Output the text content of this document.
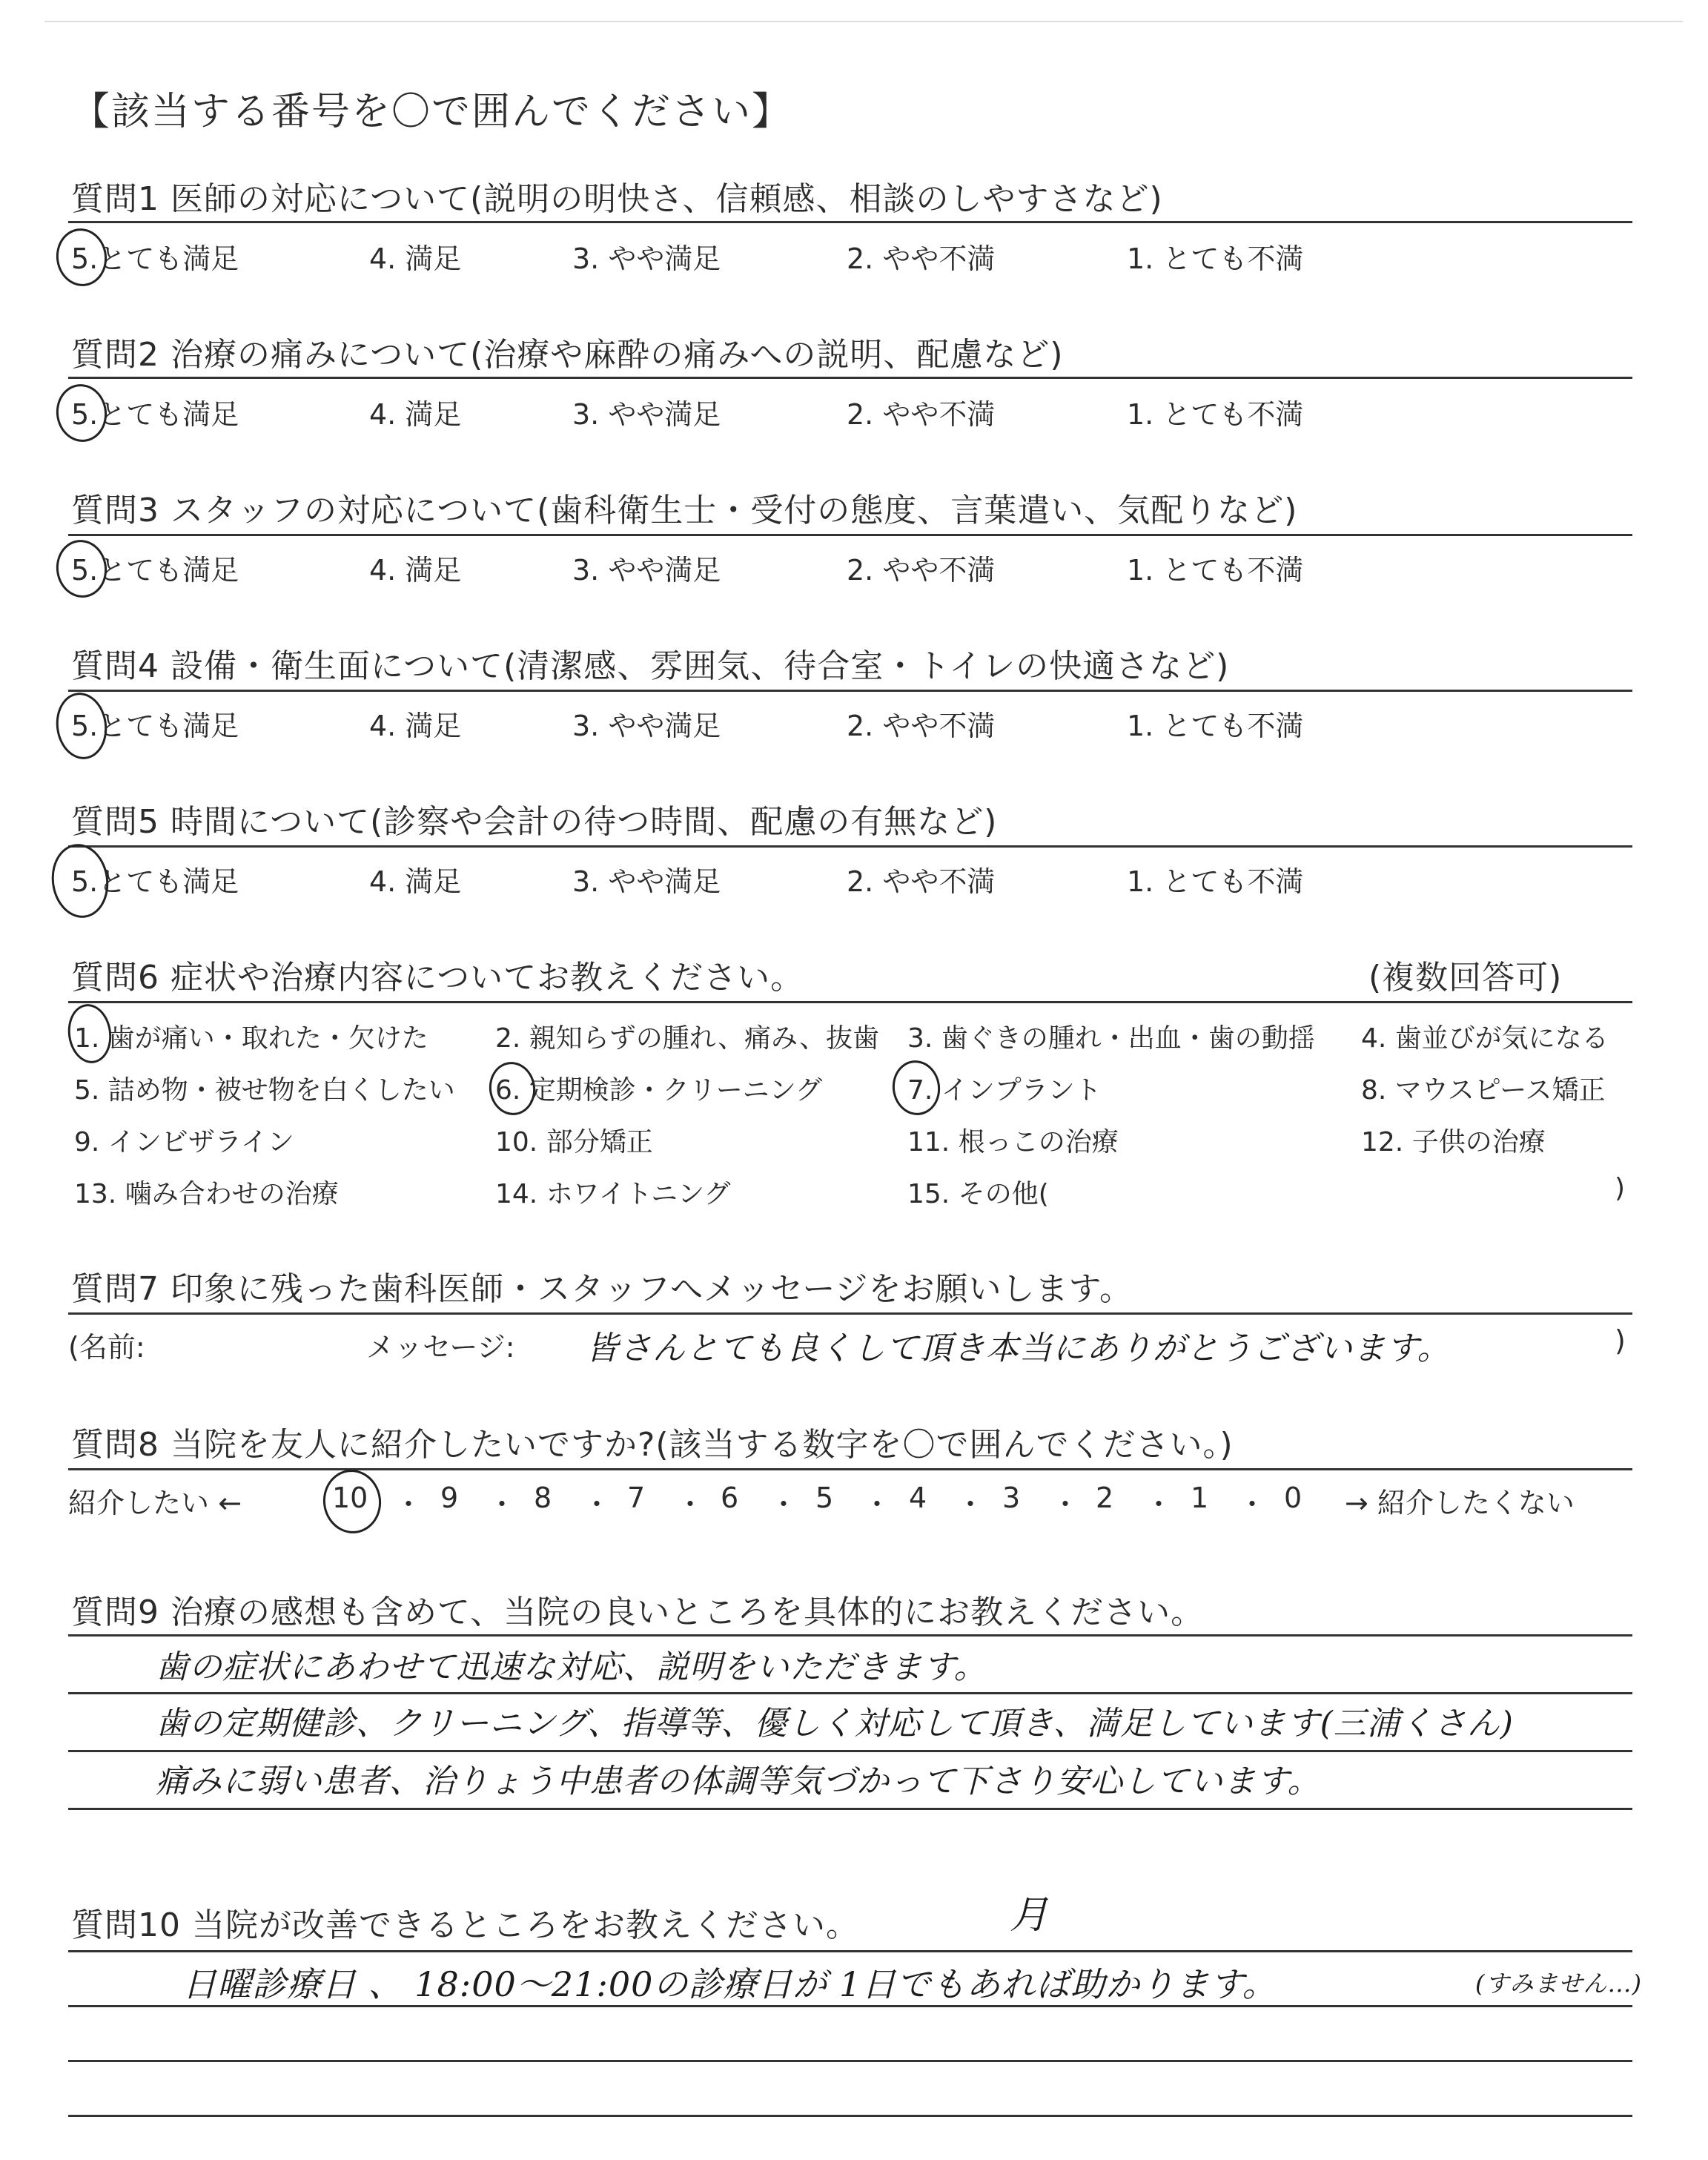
【該当する番号を〇で囲んでください】
質問1 医師の対応について(説明の明快さ、信頼感、相談のしやすさなど)
5.とても満足	4. 満足	3. やや満足	2. やや不満	1. とても不満
質問2 治療の痛みについて(治療や麻酔の痛みへの説明、配慮など)
5.とても満足	4. 満足	3. やや満足	2. やや不満	1. とても不満
質問3 スタッフの対応について(歯科衛生士・受付の態度、言葉遣い、気配りなど)
5.とても満足	4. 満足	3. やや満足	2. やや不満	1. とても不満
質問4 設備・衛生面について(清潔感、雰囲気、待合室・トイレの快適さなど)
5.とても満足	4. 満足	3. やや満足	2. やや不満	1. とても不満
質問5 時間について(診察や会計の待つ時間、配慮の有無など)
5.とても満足	4. 満足	3. やや満足	2. やや不満	1. とても不満
質問6 症状や治療内容についてお教えください。	(複数回答可)
1. 歯が痛い・取れた・欠けた	2. 親知らずの腫れ、痛み、抜歯 3. 歯ぐきの腫れ・出血・歯の動揺 4. 歯並びが気になる
5. 詰め物・被せ物を白くしたい 6. 定期検診・クリーニング	7. インプラント	8. マウスピース矯正
9. インビザライン	10. 部分矯正	11. 根っこの治療	12. 子供の治療
13. 噛み合わせの治療	14. ホワイトニング	15. その他(	)
質問7 印象に残った歯科医師・スタッフへメッセージをお願いします。
(名前:	メッセージ: 皆さんとても良くして頂き本当にありがとうございます。	)
質問8 当院を友人に紹介したいですか?(該当する数字を〇で囲んでください。)
紹介したい ←	→ 紹介したくない
10 ・ 9 ・ 8 ・ 7 ・ 6 ・ 5 ・ 4 ・ 3 ・ 2 ・ 1 ・ 0
質問9 治療の感想も含めて、当院の良いところを具体的にお教えください。
歯の症状にあわせて迅速な対応、説明をいただきます。
歯の定期健診、クリーニング、指導等、優しく対応して頂き、満足しています(三浦くさん)
痛みに弱い患者、治りょう中患者の体調等気づかって下さり安心しています。
質問10 当院が改善できるところをお教えください。	月
日曜診療日 、 18:00〜21:00の診療日が 1日でもあれば助かります。	(すみません…)
